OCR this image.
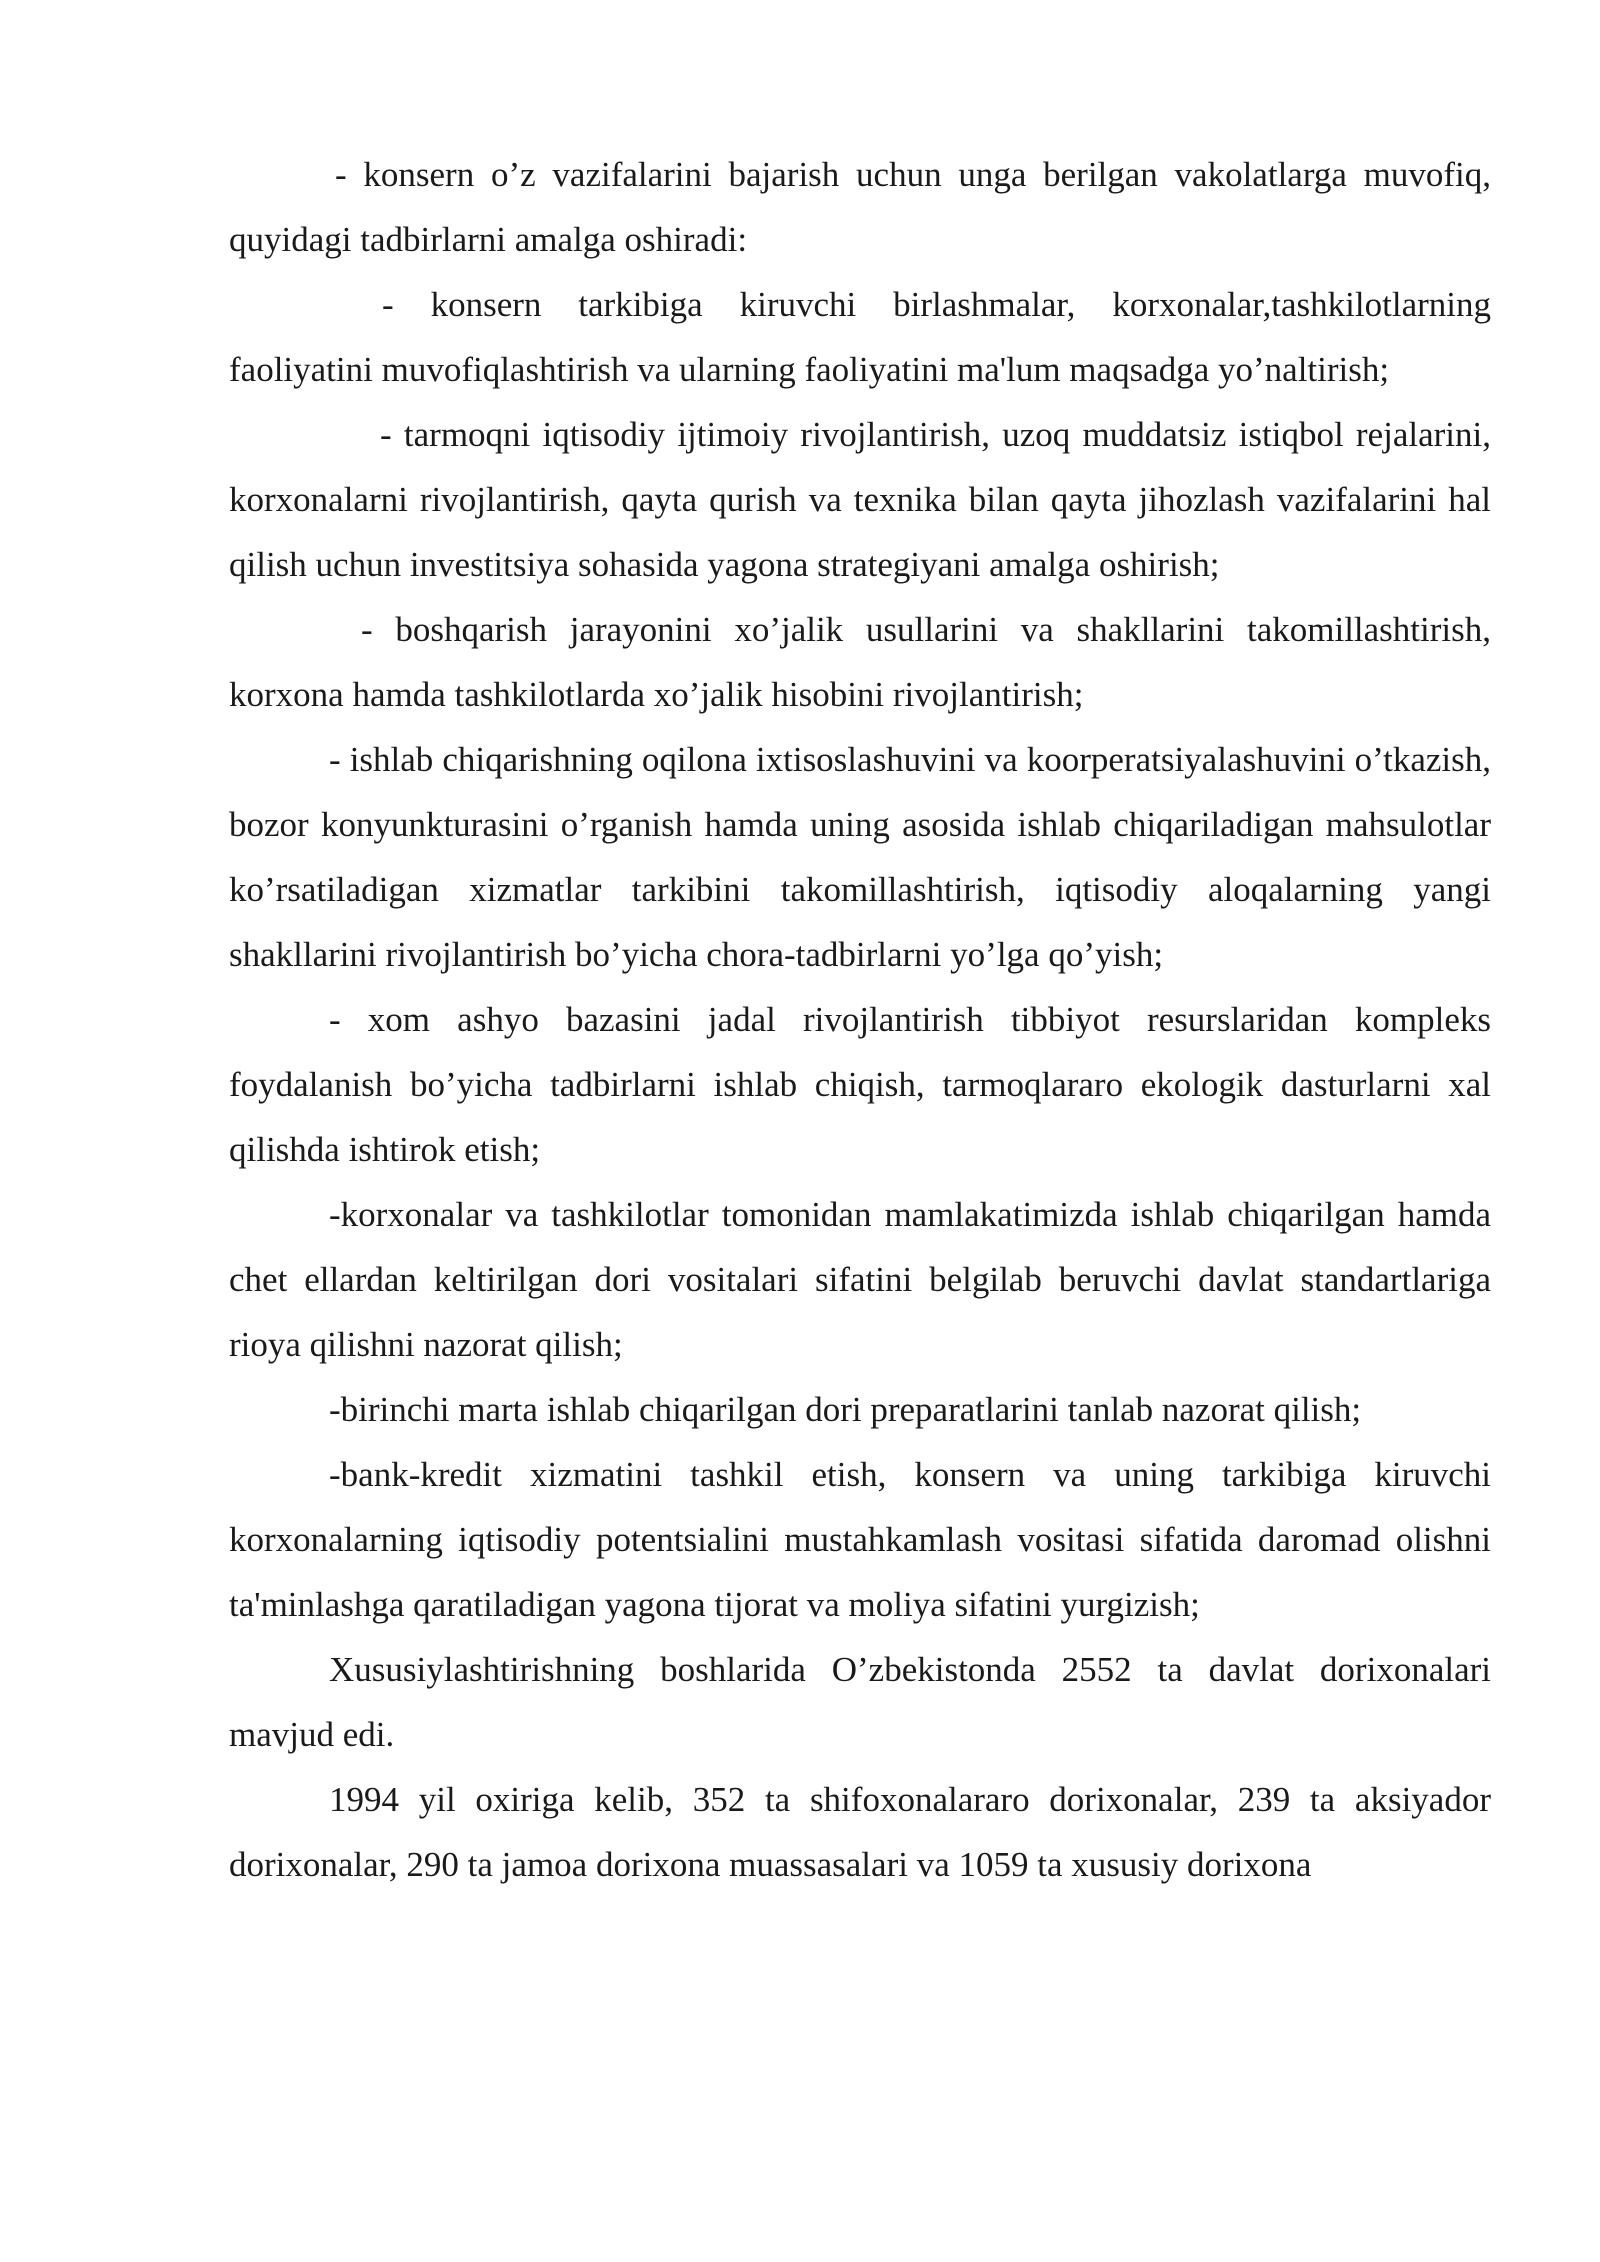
- konsern o’z vazifalarini bajarish uchun unga berilgan vakolatlarga muvofiq, quyidagi tadbirlarni amalga oshiradi:

- konsern tarkibiga kiruvchi birlashmalar, korxonalar,tashkilotlarning faoliyatini muvofiqlashtirish va ularning faoliyatini ma'lum maqsadga yo’naltirish;

- tarmoqni iqtisodiy ijtimoiy rivojlantirish, uzoq muddatsiz istiqbol rejalarini, korxonalarni rivojlantirish, qayta qurish va texnika bilan qayta jihozlash vazifalarini hal qilish uchun investitsiya sohasida yagona strategiyani amalga oshirish;

- boshqarish jarayonini xo’jalik usullarini va shakllarini takomillashtirish, korxona hamda tashkilotlarda xo’jalik hisobini rivojlantirish;

- ishlab chiqarishning oqilona ixtisoslashuvini va koorperatsiyalashuvini o’tkazish, bozor konyunkturasini o’rganish hamda uning asosida ishlab chiqariladigan mahsulotlar ko’rsatiladigan xizmatlar tarkibini takomillashtirish, iqtisodiy aloqalarning yangi shakllarini rivojlantirish bo’yicha chora-tadbirlarni yo’lga qo’yish;

- xom ashyo bazasini jadal rivojlantirish tibbiyot resurslaridan kompleks foydalanish bo’yicha tadbirlarni ishlab chiqish, tarmoqlararo ekologik dasturlarni xal qilishda ishtirok etish;

-korxonalar va tashkilotlar tomonidan mamlakatimizda ishlab chiqarilgan hamda chet ellardan keltirilgan dori vositalari sifatini belgilab beruvchi davlat standartlariga rioya qilishni nazorat qilish;

-birinchi marta ishlab chiqarilgan dori preparatlarini tanlab nazorat qilish;

-bank-kredit xizmatini tashkil etish, konsern va uning tarkibiga kiruvchi korxonalarning iqtisodiy potentsialini mustahkamlash vositasi sifatida daromad olishni ta'minlashga qaratiladigan yagona tijorat va moliya sifatini yurgizish;

Xususiylashtirishning boshlarida O’zbekistonda 2552 ta davlat dorixonalari mavjud edi.

1994 yil oxiriga kelib, 352 ta shifoxonalararo dorixonalar, 239 ta aksiyador dorixonalar, 290 ta jamoa dorixona muassasalari va 1059 ta xususiy dorixona
